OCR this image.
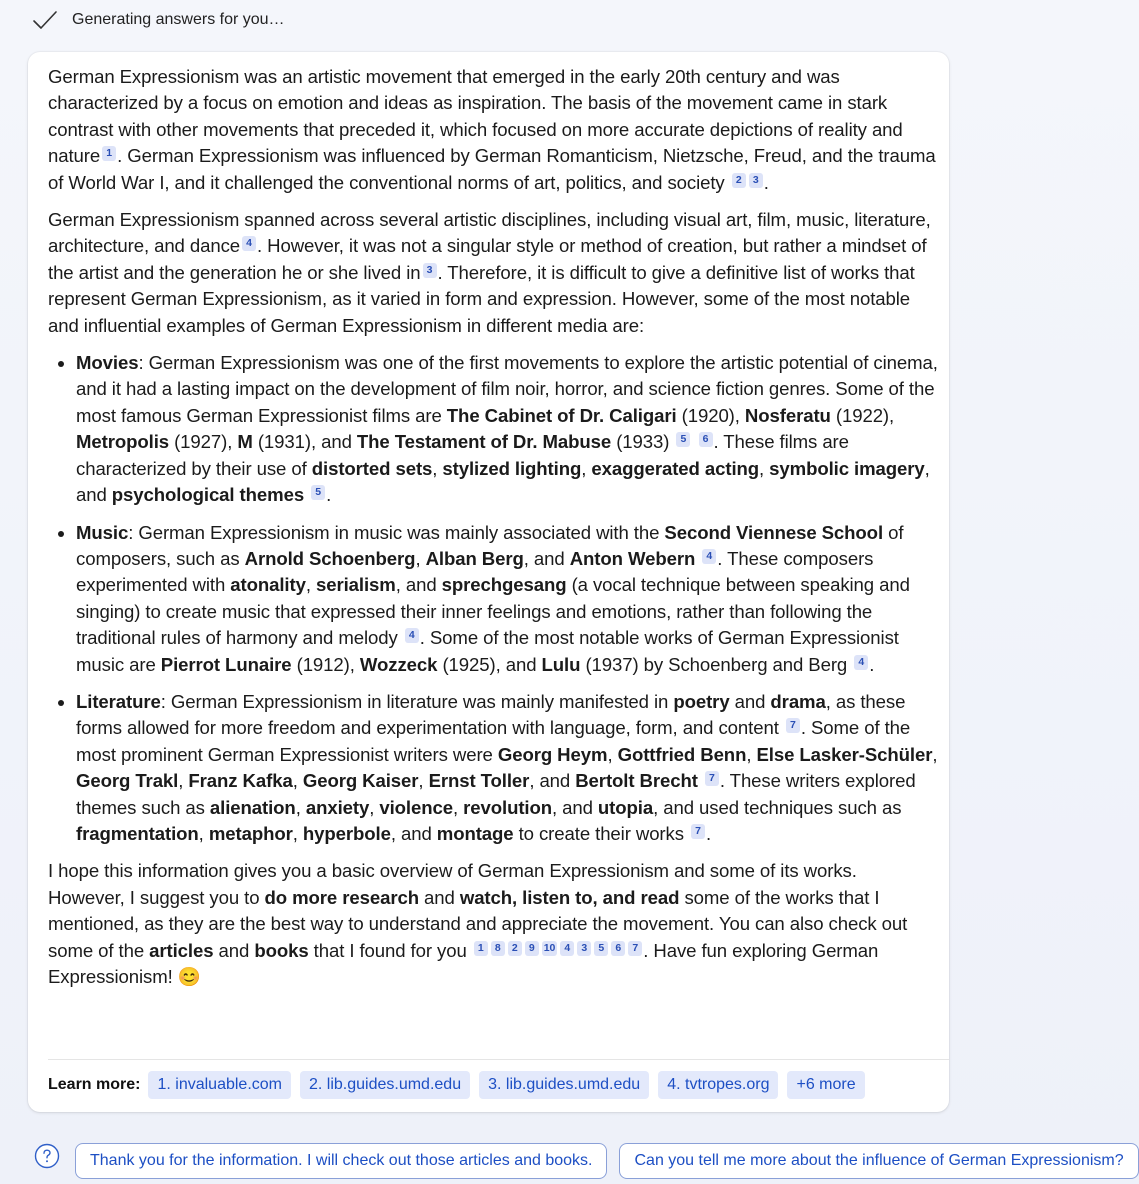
Generating answers for you…

German Expressionism was an artistic movement that emerged in the early 20th century and was characterized by a focus on emotion and ideas as inspiration. The basis of the movement came in stark contrast with other movements that preceded it, which focused on more accurate depictions of reality and nature 1 . German Expressionism was influenced by German Romanticism, Nietzsche, Freud, and the trauma of World War I, and it challenged the conventional norms of art, politics, and society 2 3 .

German Expressionism spanned across several artistic disciplines, including visual art, film, music, literature, architecture, and dance 4 . However, it was not a singular style or method of creation, but rather a mindset of the artist and the generation he or she lived in 3 . Therefore, it is difficult to give a definitive list of works that represent German Expressionism, as it varied in form and expression. However, some of the most notable and influential examples of German Expressionism in different media are:

• Movies: German Expressionism was one of the first movements to explore the artistic potential of cinema, and it had a lasting impact on the development of film noir, horror, and science fiction genres. Some of the most famous German Expressionist films are The Cabinet of Dr. Caligari (1920), Nosferatu (1922), Metropolis (1927), M (1931), and The Testament of Dr. Mabuse (1933) 5 6 . These films are characterized by their use of distorted sets, stylized lighting, exaggerated acting, symbolic imagery, and psychological themes 5 .
• Music: German Expressionism in music was mainly associated with the Second Viennese School of composers, such as Arnold Schoenberg, Alban Berg, and Anton Webern 4 . These composers experimented with atonality, serialism, and sprechgesang (a vocal technique between speaking and singing) to create music that expressed their inner feelings and emotions, rather than following the traditional rules of harmony and melody 4 . Some of the most notable works of German Expressionist music are Pierrot Lunaire (1912), Wozzeck (1925), and Lulu (1937) by Schoenberg and Berg 4 .
• Literature: German Expressionism in literature was mainly manifested in poetry and drama, as these forms allowed for more freedom and experimentation with language, form, and content 7 . Some of the most prominent German Expressionist writers were Georg Heym, Gottfried Benn, Else Lasker-Schüler, Georg Trakl, Franz Kafka, Georg Kaiser, Ernst Toller, and Bertolt Brecht 7 . These writers explored themes such as alienation, anxiety, violence, revolution, and utopia, and used techniques such as fragmentation, metaphor, hyperbole, and montage to create their works 7 .

I hope this information gives you a basic overview of German Expressionism and some of its works. However, I suggest you to do more research and watch, listen to, and read some of the works that I mentioned, as they are the best way to understand and appreciate the movement. You can also check out some of the articles and books that I found for you 1 8 2 9 10 4 3 5 6 7 . Have fun exploring German Expressionism! 😊

Learn more:	1. invaluable.com	2. lib.guides.umd.edu	3. lib.guides.umd.edu	4. tvtropes.org	+6 more
Thank you for the information. I will check out those articles and books.	Can you tell me more about the influence of German Expressionism?
